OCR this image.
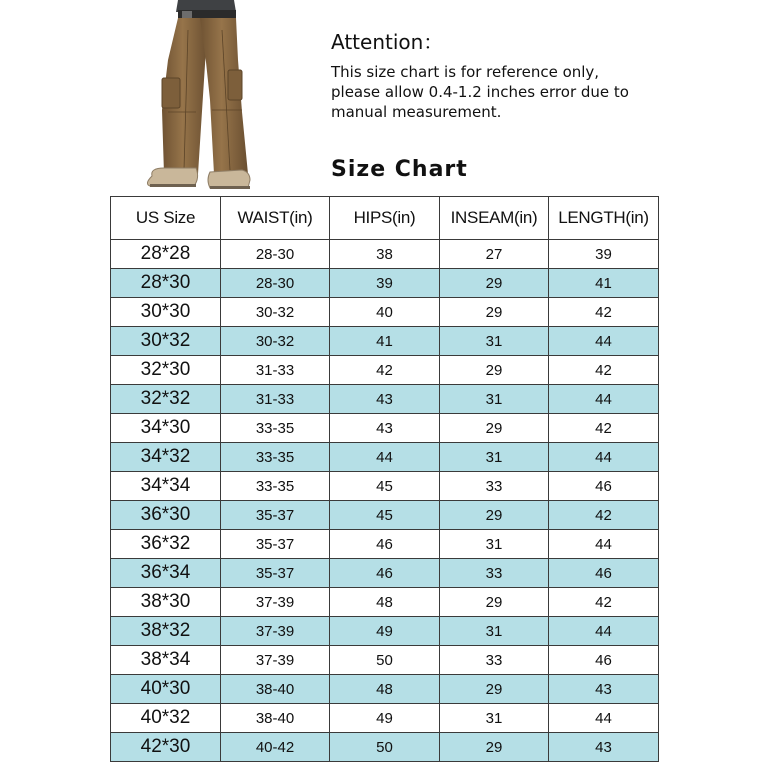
Attention：

This size chart is for reference only,
please allow 0.4-1.2 inches error due to
manual measurement.

Size Chart
US Size	WAIST(in)	HIPS(in)	INSEAM(in)	LENGTH(in)
28*28	28-30	38	27	39
28*30	28-30	39	29	41
30*30	30-32	40	29	42
30*32	30-32	41	31	44
32*30	31-33	42	29	42
32*32	31-33	43	31	44
34*30	33-35	43	29	42
34*32	33-35	44	31	44
34*34	33-35	45	33	46
36*30	35-37	45	29	42
36*32	35-37	46	31	44
36*34	35-37	46	33	46
38*30	37-39	48	29	42
38*32	37-39	49	31	44
38*34	37-39	50	33	46
40*30	38-40	48	29	43
40*32	38-40	49	31	44
42*30	40-42	50	29	43
